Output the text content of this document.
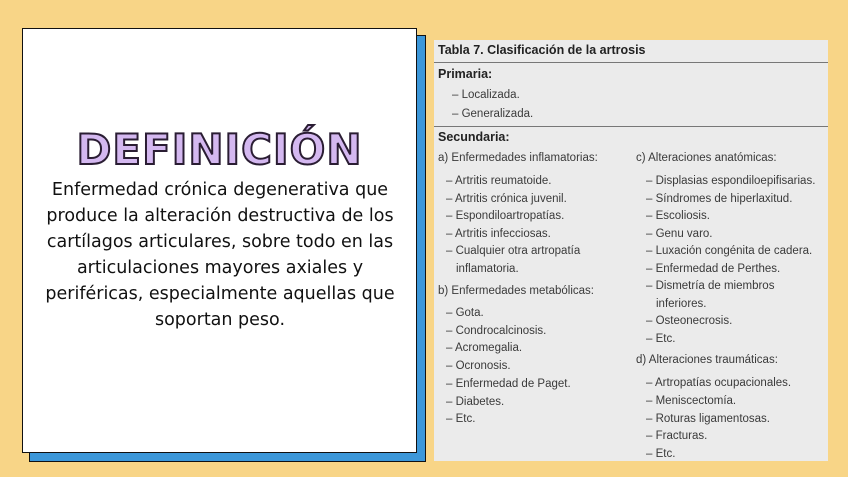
DEFINICIÓN
Enfermedad crónica degenerativa que produce la alteración destructiva de los cartílagos articulares, sobre todo en las articulaciones mayores axiales y periféricas, especialmente aquellas que soportan peso.
Tabla 7. Clasificación de la artrosis
Primaria:
– Localizada.
– Generalizada.
Secundaria:
a) Enfermedades inflamatorias:
– Artritis reumatoide.
– Artritis crónica juvenil.
– Espondiloartropatías.
– Artritis infecciosas.
– Cualquier otra artropatía
inflamatoria.
b) Enfermedades metabólicas:
– Gota.
– Condrocalcinosis.
– Acromegalia.
– Ocronosis.
– Enfermedad de Paget.
– Diabetes.
– Etc.
c) Alteraciones anatómicas:
– Displasias espondiloepifisarias.
– Síndromes de hiperlaxitud.
– Escoliosis.
– Genu varo.
– Luxación congénita de cadera.
– Enfermedad de Perthes.
– Dismetría de miembros
inferiores.
– Osteonecrosis.
– Etc.
d) Alteraciones traumáticas:
– Artropatías ocupacionales.
– Meniscectomía.
– Roturas ligamentosas.
– Fracturas.
– Etc.
